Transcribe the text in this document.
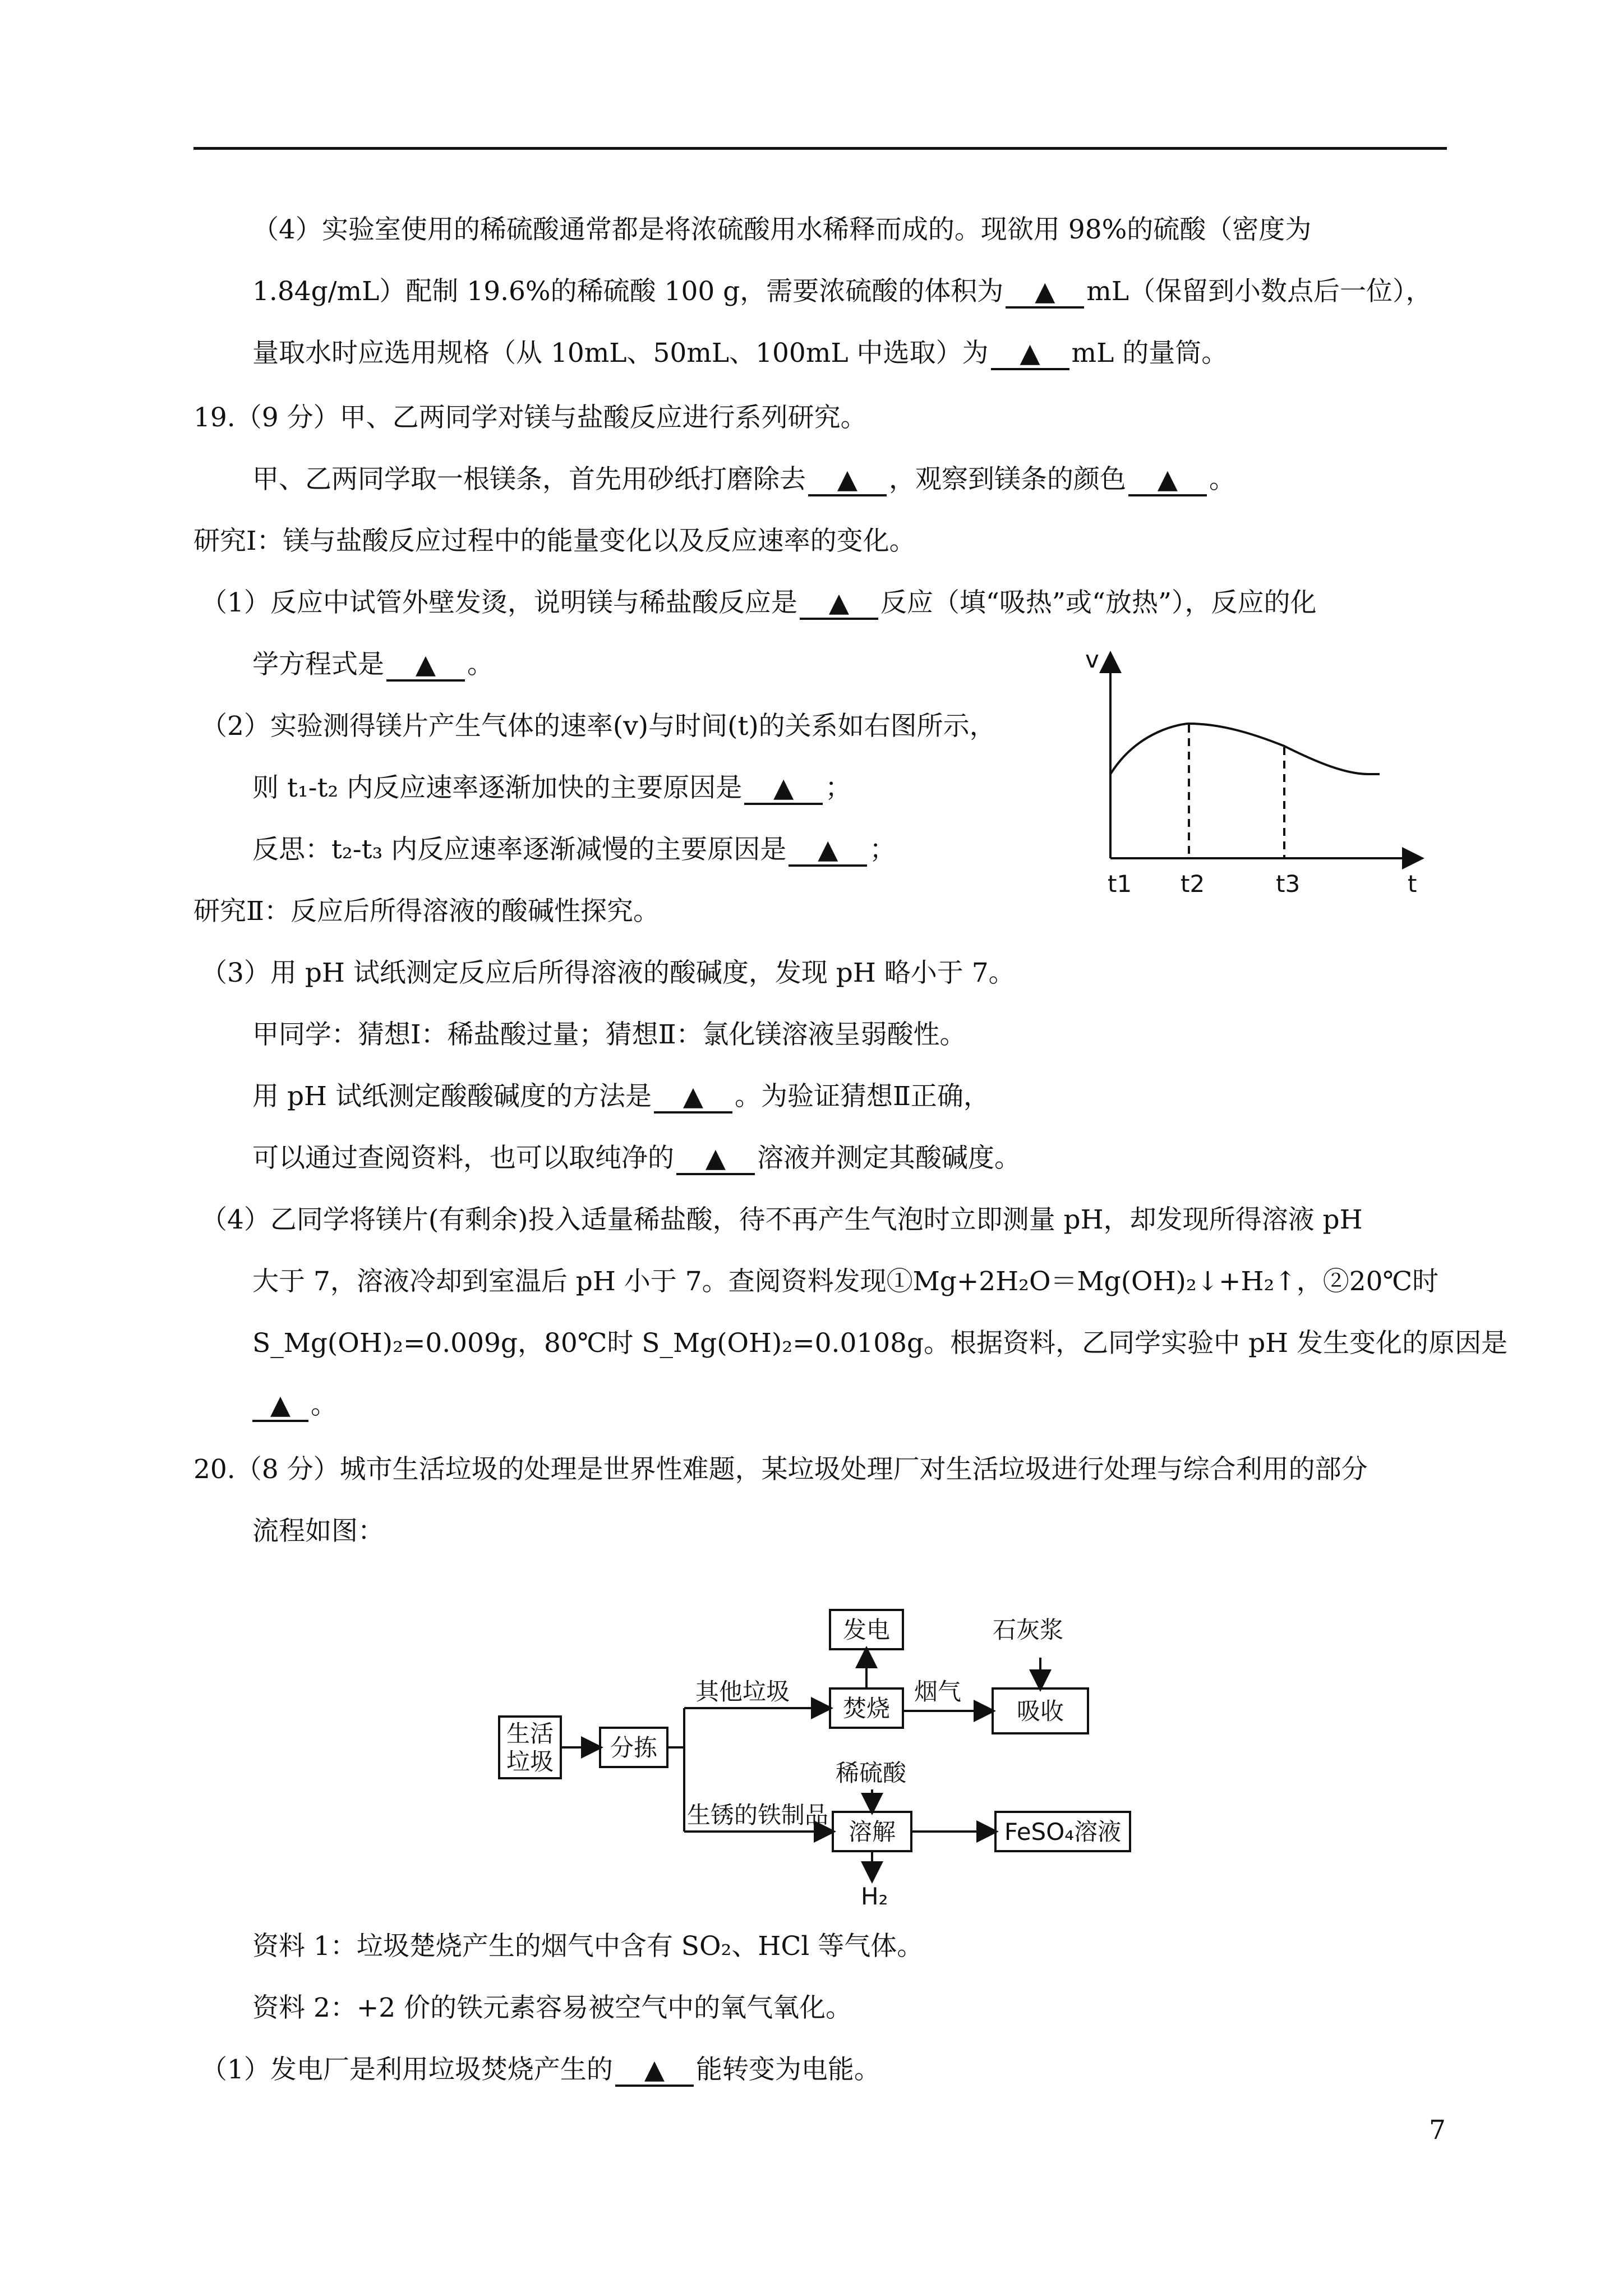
（4）实验室使用的稀硫酸通常都是将浓硫酸用水稀释而成的。现欲用 98%的硫酸（密度为
1.84g/mL）配制 19.6%的稀硫酸 100 g，需要浓硫酸的体积为 ▲ mL（保留到小数点后一位），
量取水时应选用规格（从 10mL、50mL、100mL 中选取）为 ▲ mL 的量筒。
19.（9 分）甲、乙两同学对镁与盐酸反应进行系列研究。
甲、乙两同学取一根镁条，首先用砂纸打磨除去 ▲ ，观察到镁条的颜色 ▲ 。
研究Ⅰ：镁与盐酸反应过程中的能量变化以及反应速率的变化。
（1）反应中试管外壁发烫，说明镁与稀盐酸反应是 ▲ 反应（填“吸热”或“放热”），反应的化
学方程式是 ▲ 。
（2）实验测得镁片产生气体的速率(v)与时间(t)的关系如右图所示，
则 t₁-t₂ 内反应速率逐渐加快的主要原因是 ▲ ；
反思：t₂-t₃ 内反应速率逐渐减慢的主要原因是 ▲ ；
研究Ⅱ：反应后所得溶液的酸碱性探究。
（3）用 pH 试纸测定反应后所得溶液的酸碱度，发现 pH 略小于 7。
甲同学：猜想Ⅰ：稀盐酸过量；猜想Ⅱ：氯化镁溶液呈弱酸性。
用 pH 试纸测定酸酸碱度的方法是 ▲ 。为验证猜想Ⅱ正确，
可以通过查阅资料，也可以取纯净的 ▲ 溶液并测定其酸碱度。
（4）乙同学将镁片(有剩余)投入适量稀盐酸，待不再产生气泡时立即测量 pH，却发现所得溶液 pH
大于 7，溶液冷却到室温后 pH 小于 7。查阅资料发现①Mg+2H₂O＝Mg(OH)₂↓+H₂↑，②20℃时
S_Mg(OH)₂=0.009g，80℃时 S_Mg(OH)₂=0.0108g。根据资料，乙同学实验中 pH 发生变化的原因是
▲ 。
20.（8 分）城市生活垃圾的处理是世界性难题，某垃圾处理厂对生活垃圾进行处理与综合利用的部分
流程如图：
资料 1：垃圾楚烧产生的烟气中含有 SO₂、HCl 等气体。
资料 2：+2 价的铁元素容易被空气中的氧气氧化。
（1）发电厂是利用垃圾焚烧产生的 ▲ 能转变为电能。
v
t
t1 t2	t3
生活
垃圾
分拣
发电
焚烧	吸收
溶解	FeSO₄溶液
其他垃圾	烟气
石灰浆
稀硫酸
生锈的铁制品
H₂
7
